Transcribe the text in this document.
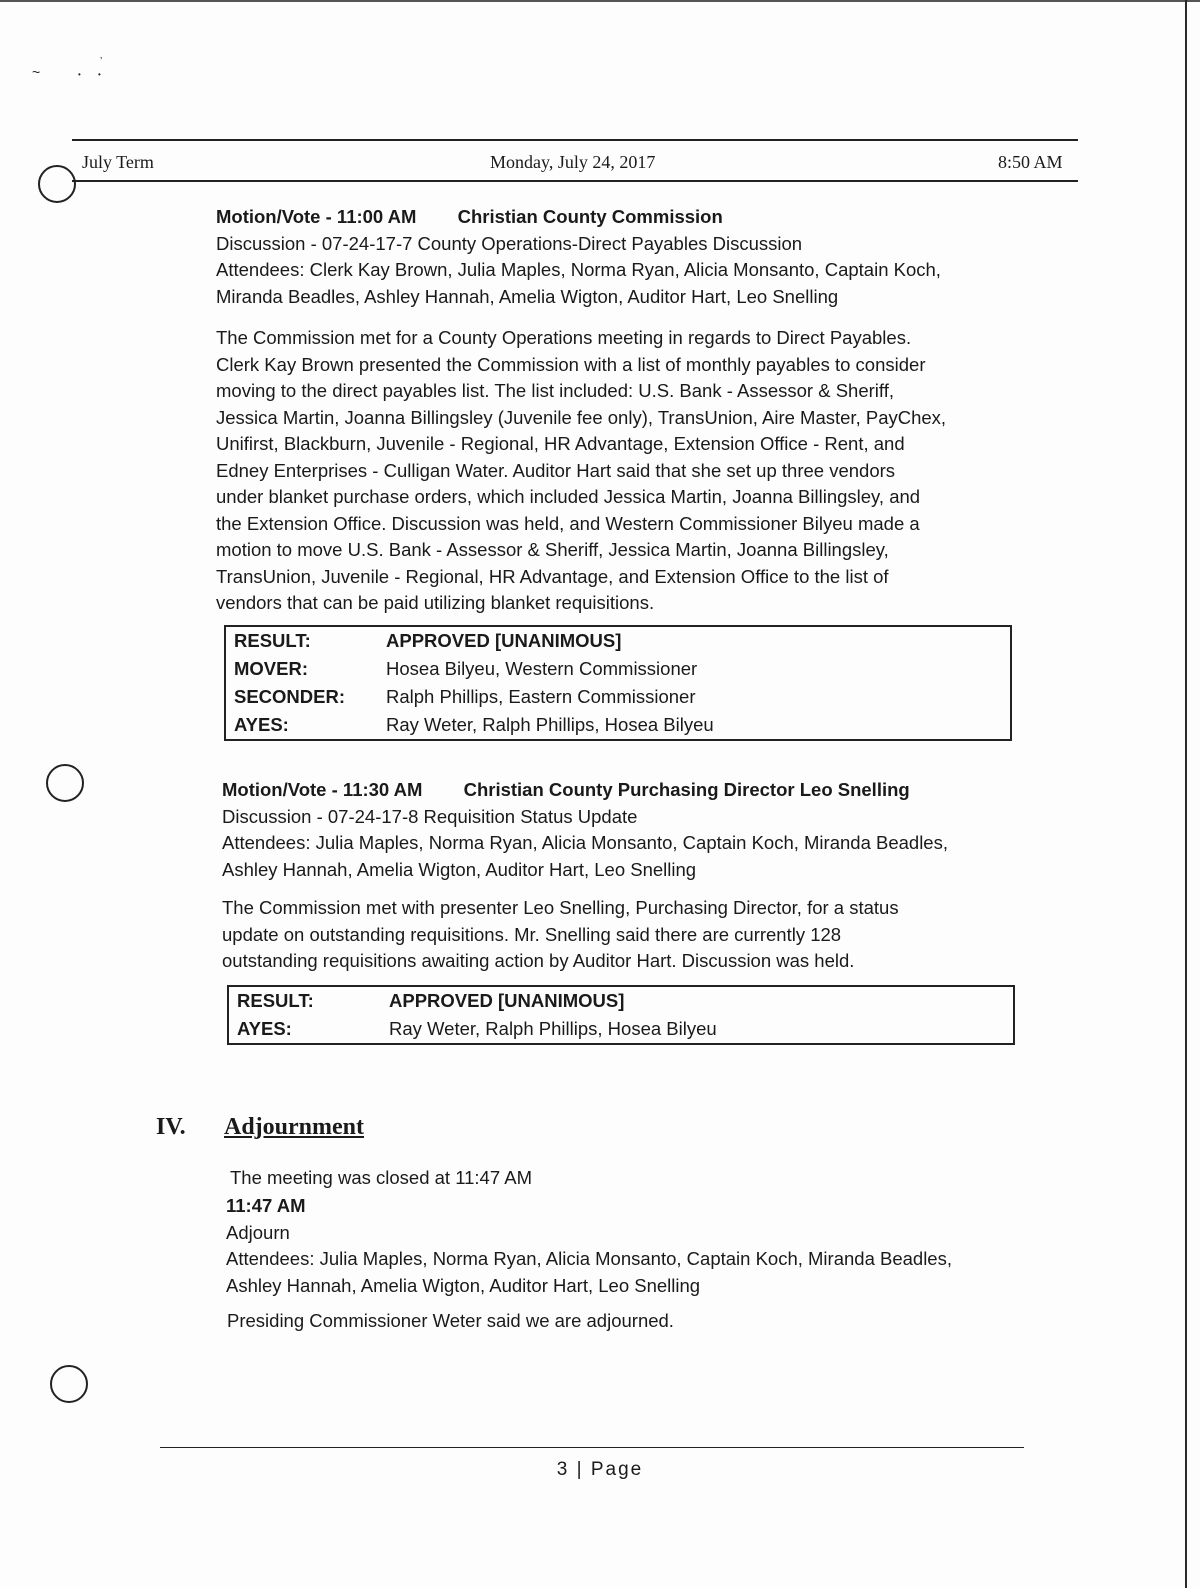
~	•
’
•
July Term	Monday, July 24, 2017	8:50 AM

Motion/Vote - 11:00 AM Christian County Commission

Discussion - 07-24-17-7 County Operations-Direct Payables Discussion

Attendees: Clerk Kay Brown, Julia Maples, Norma Ryan, Alicia Monsanto, Captain Koch,

Miranda Beadles, Ashley Hannah, Amelia Wigton, Auditor Hart, Leo Snelling

The Commission met for a County Operations meeting in regards to Direct Payables.
Clerk Kay Brown presented the Commission with a list of monthly payables to consider
moving to the direct payables list. The list included: U.S. Bank - Assessor & Sheriff,
Jessica Martin, Joanna Billingsley (Juvenile fee only), TransUnion, Aire Master, PayChex,
Unifirst, Blackburn, Juvenile - Regional, HR Advantage, Extension Office - Rent, and
Edney Enterprises - Culligan Water. Auditor Hart said that she set up three vendors
under blanket purchase orders, which included Jessica Martin, Joanna Billingsley, and
the Extension Office. Discussion was held, and Western Commissioner Bilyeu made a
motion to move U.S. Bank - Assessor & Sheriff, Jessica Martin, Joanna Billingsley,
TransUnion, Juvenile - Regional, HR Advantage, and Extension Office to the list of
vendors that can be paid utilizing blanket requisitions.
RESULT:	APPROVED [UNANIMOUS]
MOVER:	Hosea Bilyeu, Western Commissioner
SECONDER:	Ralph Phillips, Eastern Commissioner
AYES:	Ray Weter, Ralph Phillips, Hosea Bilyeu

Motion/Vote - 11:30 AM Christian County Purchasing Director Leo Snelling

Discussion - 07-24-17-8 Requisition Status Update

Attendees: Julia Maples, Norma Ryan, Alicia Monsanto, Captain Koch, Miranda Beadles,

Ashley Hannah, Amelia Wigton, Auditor Hart, Leo Snelling

The Commission met with presenter Leo Snelling, Purchasing Director, for a status
update on outstanding requisitions. Mr. Snelling said there are currently 128
outstanding requisitions awaiting action by Auditor Hart. Discussion was held.
RESULT:	APPROVED [UNANIMOUS]
AYES:	Ray Weter, Ralph Phillips, Hosea Bilyeu
IV. Adjournment
The meeting was closed at 11:47 AM

11:47 AM

Adjourn

Attendees: Julia Maples, Norma Ryan, Alicia Monsanto, Captain Koch, Miranda Beadles,

Ashley Hannah, Amelia Wigton, Auditor Hart, Leo Snelling

Presiding Commissioner Weter said we are adjourned.
3 | Page
